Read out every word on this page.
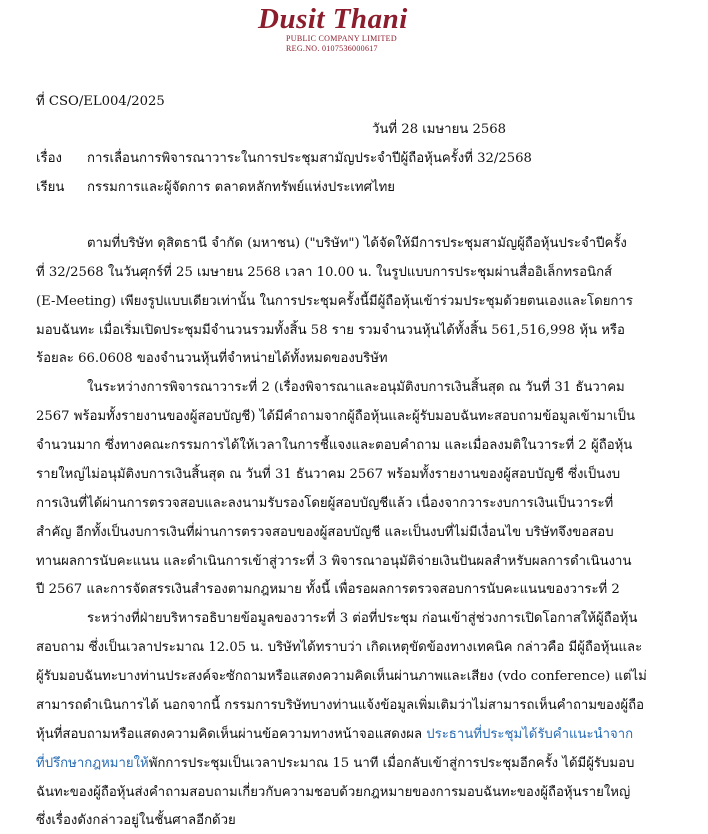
Dusit Thani
PUBLIC COMPANY LIMITED
REG.NO. 0107536000617
ที่ CSO/EL004/2025
วันที่ 28 เมษายน 2568
เรื่อง การเลื่อนการพิจารณาวาระในการประชุมสามัญประจำปีผู้ถือหุ้นครั้งที่ 32/2568
เรียน กรรมการและผู้จัดการ ตลาดหลักทรัพย์แห่งประเทศไทย
ตามที่บริษัท ดุสิตธานี จำกัด (มหาชน) ("บริษัท") ได้จัดให้มีการประชุมสามัญผู้ถือหุ้นประจำปีครั้ง
ที่ 32/2568 ในวันศุกร์ที่ 25 เมษายน 2568 เวลา 10.00 น. ในรูปแบบการประชุมผ่านสื่ออิเล็กทรอนิกส์
(E-Meeting) เพียงรูปแบบเดียวเท่านั้น ในการประชุมครั้งนี้มีผู้ถือหุ้นเข้าร่วมประชุมด้วยตนเองและโดยการ
มอบฉันทะ เมื่อเริ่มเปิดประชุมมีจำนวนรวมทั้งสิ้น 58 ราย รวมจำนวนหุ้นได้ทั้งสิ้น 561,516,998 หุ้น หรือ
ร้อยละ 66.0608 ของจำนวนหุ้นที่จำหน่ายได้ทั้งหมดของบริษัท
ในระหว่างการพิจารณาวาระที่ 2 (เรื่องพิจารณาและอนุมัติงบการเงินสิ้นสุด ณ วันที่ 31 ธันวาคม
2567 พร้อมทั้งรายงานของผู้สอบบัญชี) ได้มีคำถามจากผู้ถือหุ้นและผู้รับมอบฉันทะสอบถามข้อมูลเข้ามาเป็น
จำนวนมาก ซึ่งทางคณะกรรมการได้ให้เวลาในการชี้แจงและตอบคำถาม และเมื่อลงมติในวาระที่ 2 ผู้ถือหุ้น
รายใหญ่ไม่อนุมัติงบการเงินสิ้นสุด ณ วันที่ 31 ธันวาคม 2567 พร้อมทั้งรายงานของผู้สอบบัญชี ซึ่งเป็นงบ
การเงินที่ได้ผ่านการตรวจสอบและลงนามรับรองโดยผู้สอบบัญชีแล้ว เนื่องจากวาระงบการเงินเป็นวาระที่
สำคัญ อีกทั้งเป็นงบการเงินที่ผ่านการตรวจสอบของผู้สอบบัญชี และเป็นงบที่ไม่มีเงื่อนไข บริษัทจึงขอสอบ
ทานผลการนับคะแนน และดำเนินการเข้าสู่วาระที่ 3 พิจารณาอนุมัติจ่ายเงินปันผลสำหรับผลการดำเนินงาน
ปี 2567 และการจัดสรรเงินสำรองตามกฎหมาย ทั้งนี้ เพื่อรอผลการตรวจสอบการนับคะแนนของวาระที่ 2
ระหว่างที่ฝ่ายบริหารอธิบายข้อมูลของวาระที่ 3 ต่อที่ประชุม ก่อนเข้าสู่ช่วงการเปิดโอกาสให้ผู้ถือหุ้น
สอบถาม ซึ่งเป็นเวลาประมาณ 12.05 น. บริษัทได้ทราบว่า เกิดเหตุขัดข้องทางเทคนิค กล่าวคือ มีผู้ถือหุ้นและ
ผู้รับมอบฉันทะบางท่านประสงค์จะซักถามหรือแสดงความคิดเห็นผ่านภาพและเสียง (vdo conference) แต่ไม่
สามารถดำเนินการได้ นอกจากนี้ กรรมการบริษัทบางท่านแจ้งข้อมูลเพิ่มเติมว่าไม่สามารถเห็นคำถามของผู้ถือ
หุ้นที่สอบถามหรือแสดงความคิดเห็นผ่านข้อความทางหน้าจอแสดงผล ประธานที่ประชุมได้รับคำแนะนำจาก
ที่ปรึกษากฎหมายให้พักการประชุมเป็นเวลาประมาณ 15 นาที เมื่อกลับเข้าสู่การประชุมอีกครั้ง ได้มีผู้รับมอบ
ฉันทะของผู้ถือหุ้นส่งคำถามสอบถามเกี่ยวกับความชอบด้วยกฎหมายของการมอบฉันทะของผู้ถือหุ้นรายใหญ่
ซึ่งเรื่องดังกล่าวอยู่ในชั้นศาลอีกด้วย
